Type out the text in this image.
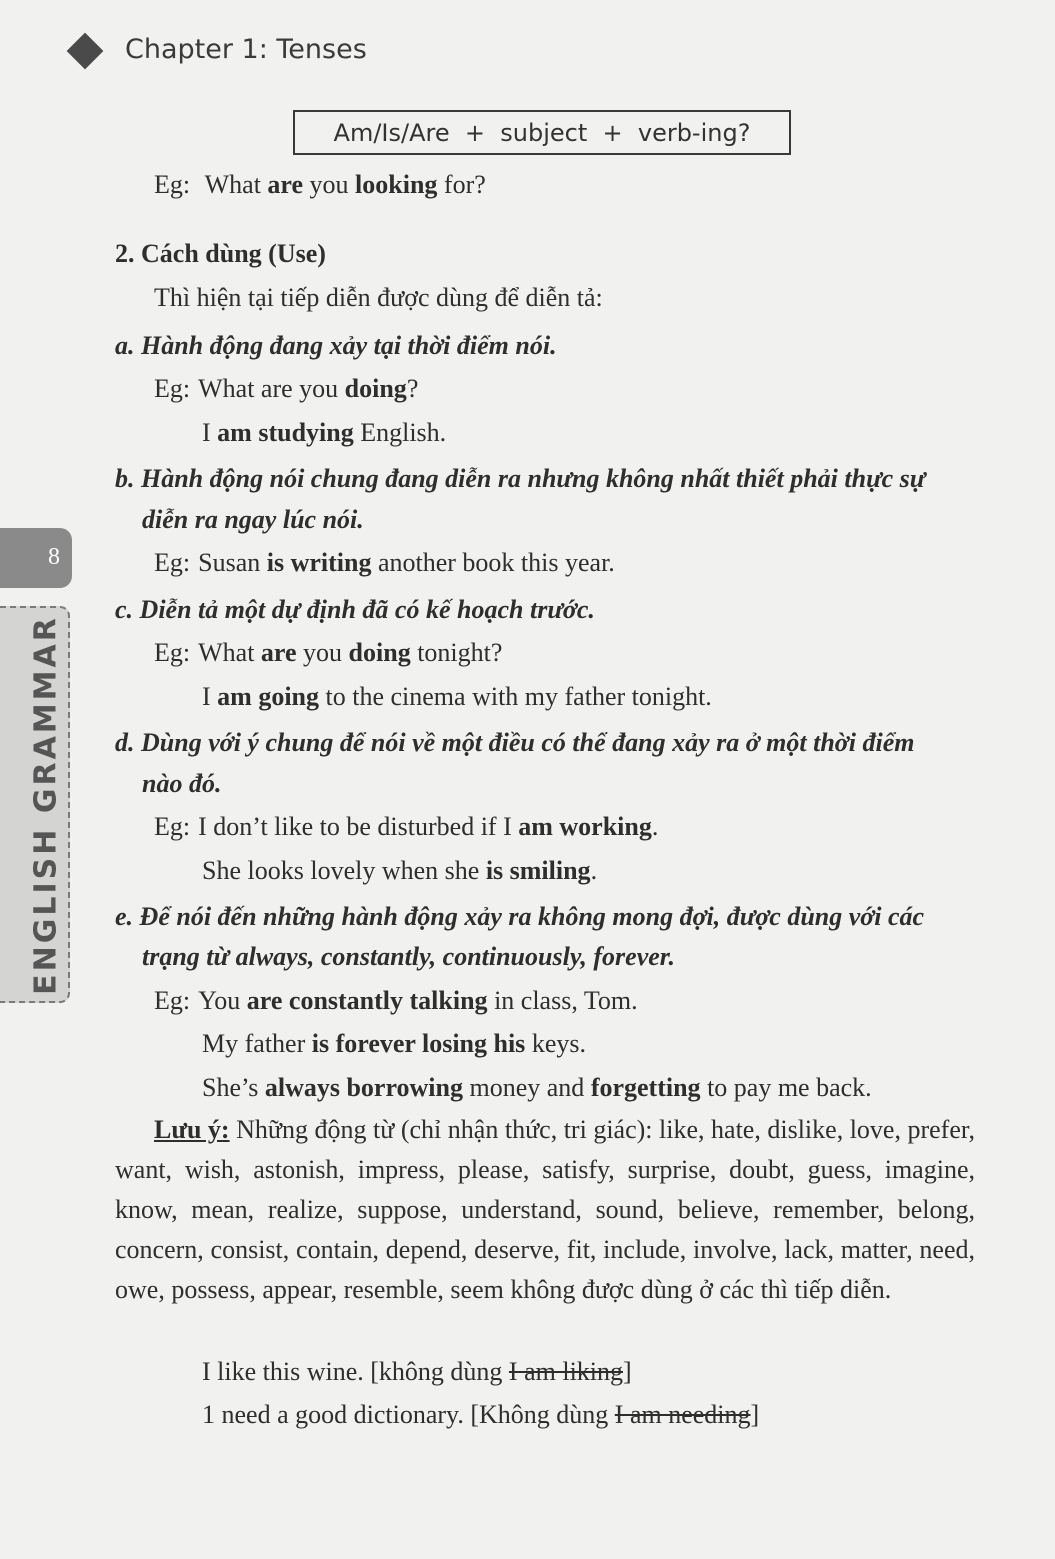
Chapter 1: Tenses
Am/Is/Are  +  subject  +  verb-ing?
Eg: What are you looking for?
2. Cách dùng (Use)
Thì hiện tại tiếp diễn được dùng để diễn tả:
a. Hành động đang xảy tại thời điểm nói.
Eg: What are you doing?
I am studying English.
b. Hành động nói chung đang diễn ra nhưng không nhất thiết phải thực sự
diễn ra ngay lúc nói.
Eg: Susan is writing another book this year.
c. Diễn tả một dự định đã có kế hoạch trước.
Eg: What are you doing tonight?
I am going to the cinema with my father tonight.
d. Dùng với ý chung để nói về một điều có thể đang xảy ra ở một thời điểm
nào đó.
Eg: I don’t like to be disturbed if I am working.
She looks lovely when she is smiling.
e. Để nói đến những hành động xảy ra không mong đợi, được dùng với các
trạng từ always, constantly, continuously, forever.
Eg: You are constantly talking in class, Tom.
My father is forever losing his keys.
She’s always borrowing money and forgetting to pay me back.
Lưu ý: Những động từ (chỉ nhận thức, tri giác): like, hate, dislike, love, prefer, want, wish, astonish, impress, please, satisfy, surprise, doubt, guess, imagine, know, mean, realize, suppose, understand, sound, believe, remember, belong, concern, consist, contain, depend, deserve, fit, include, involve, lack, matter, need, owe, possess, appear, resemble, seem không được dùng ở các thì tiếp diễn.
I like this wine. [không dùng I am liking]
1 need a good dictionary. [Không dùng I am needing]
8
ENGLISH GRAMMAR
